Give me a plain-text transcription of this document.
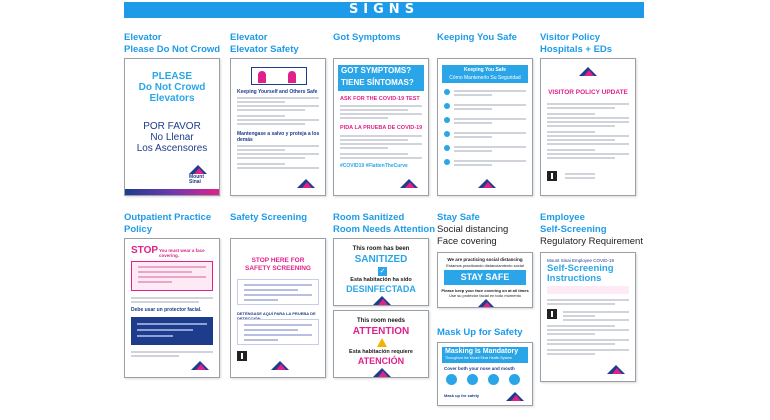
SIGNS
Elevator
Please Do Not Crowd
Elevator
Elevator Safety
Got Symptoms	Keeping You Safe Visitor Policy
Hospitals + EDs
PLEASE
Do Not Crowd
Elevators
POR FAVOR
No Llenar
Los Ascensores
Mount
Sinai
Keeping Yourself and Others Safe
Mantengase a salvo y proteja a los demás
GOT SYMPTOMS?
TIENE SÍNTOMAS?
ASK FOR THE COVID-19 TEST
PIDA LA PRUEBA DE COVID-19
#COVID19 #FlattenTheCurve
Keeping You Safe
Cómo Mantenerlo Su Seguridad
VISITOR POLICY UPDATE
Outpatient Practice
Policy
Safety Screening	Room Sanitized
Room Needs Attention
Stay Safe
Social distancing
Face covering
Employee
Self-Screening
Regulatory Requirement
STOP You must wear a face covering.
Debe usar un protector facial.
STOP HERE FOR
SAFETY SCREENING
DETÉNGASE AQUÍ PARA LA PRUEBA DE DETECCIÓN
This room has been
SANITIZED
✓
Esta habitación ha sido
DESINFECTADA
This room needs
ATTENTION
Esta habitación requiere
ATENCIÓN
We are practicing social distancing
Estamos practicando distanciamiento social
STAY SAFE
Please keep your face covering on at all times
Use su protector facial en todo momento
Mask Up for Safety
Masking Is Mandatory
Throughout the Mount Sinai Health System
Cover both your nose and mouth
Mask up for safety
Mount Sinai Employee COVID-19
Self-Screening
Instructions
